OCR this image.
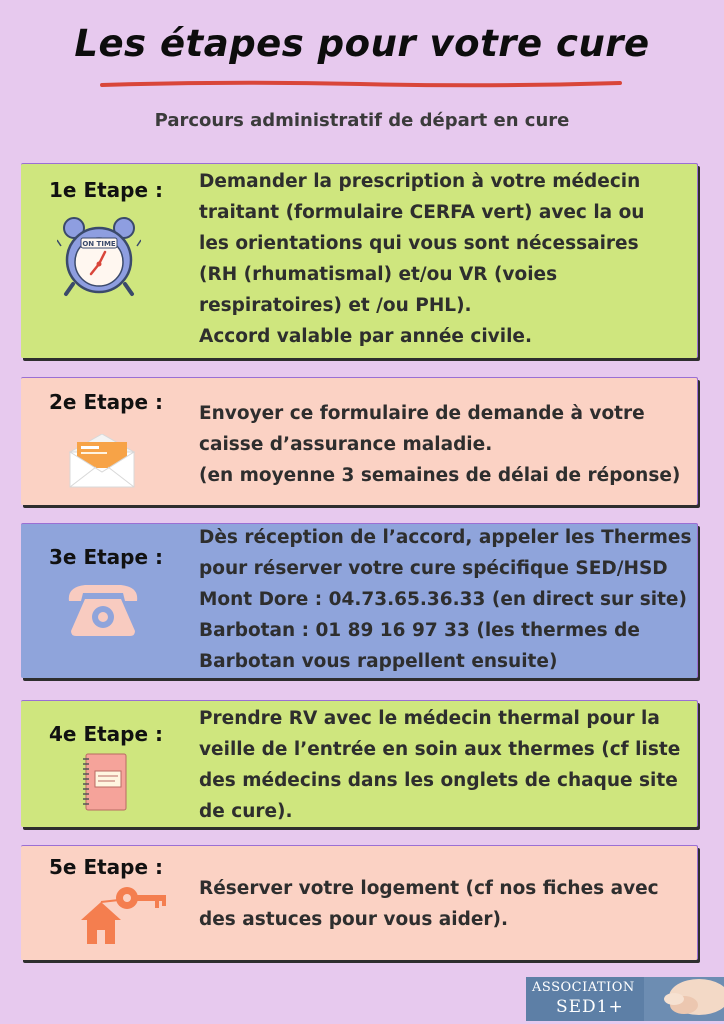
Les étapes pour votre cure
Parcours administratif de départ en cure
1e Etape :
ON TIME
Demander la prescription à votre médecin
traitant (formulaire CERFA vert) avec la ou
les orientations qui vous sont nécessaires
(RH (rhumatismal) et/ou VR (voies
respiratoires) et /ou PHL).
Accord valable par année civile.
2e Etape : Envoyer ce formulaire de demande à votre
caisse d’assurance maladie.
(en moyenne 3 semaines de délai de réponse)
3e Etape :
Dès réception de l’accord, appeler les Thermes
pour réserver votre cure spécifique SED/HSD
Mont Dore : 04.73.65.36.33 (en direct sur site)
Barbotan : 01 89 16 97 33 (les thermes de
Barbotan vous rappellent ensuite)
4e Etape :
Prendre RV avec le médecin thermal pour la
veille de l’entrée en soin aux thermes (cf liste
des médecins dans les onglets de chaque site
de cure).
5e Etape :
Réserver votre logement (cf nos fiches avec
des astuces pour vous aider).
ASSOCIATION
SED1+
